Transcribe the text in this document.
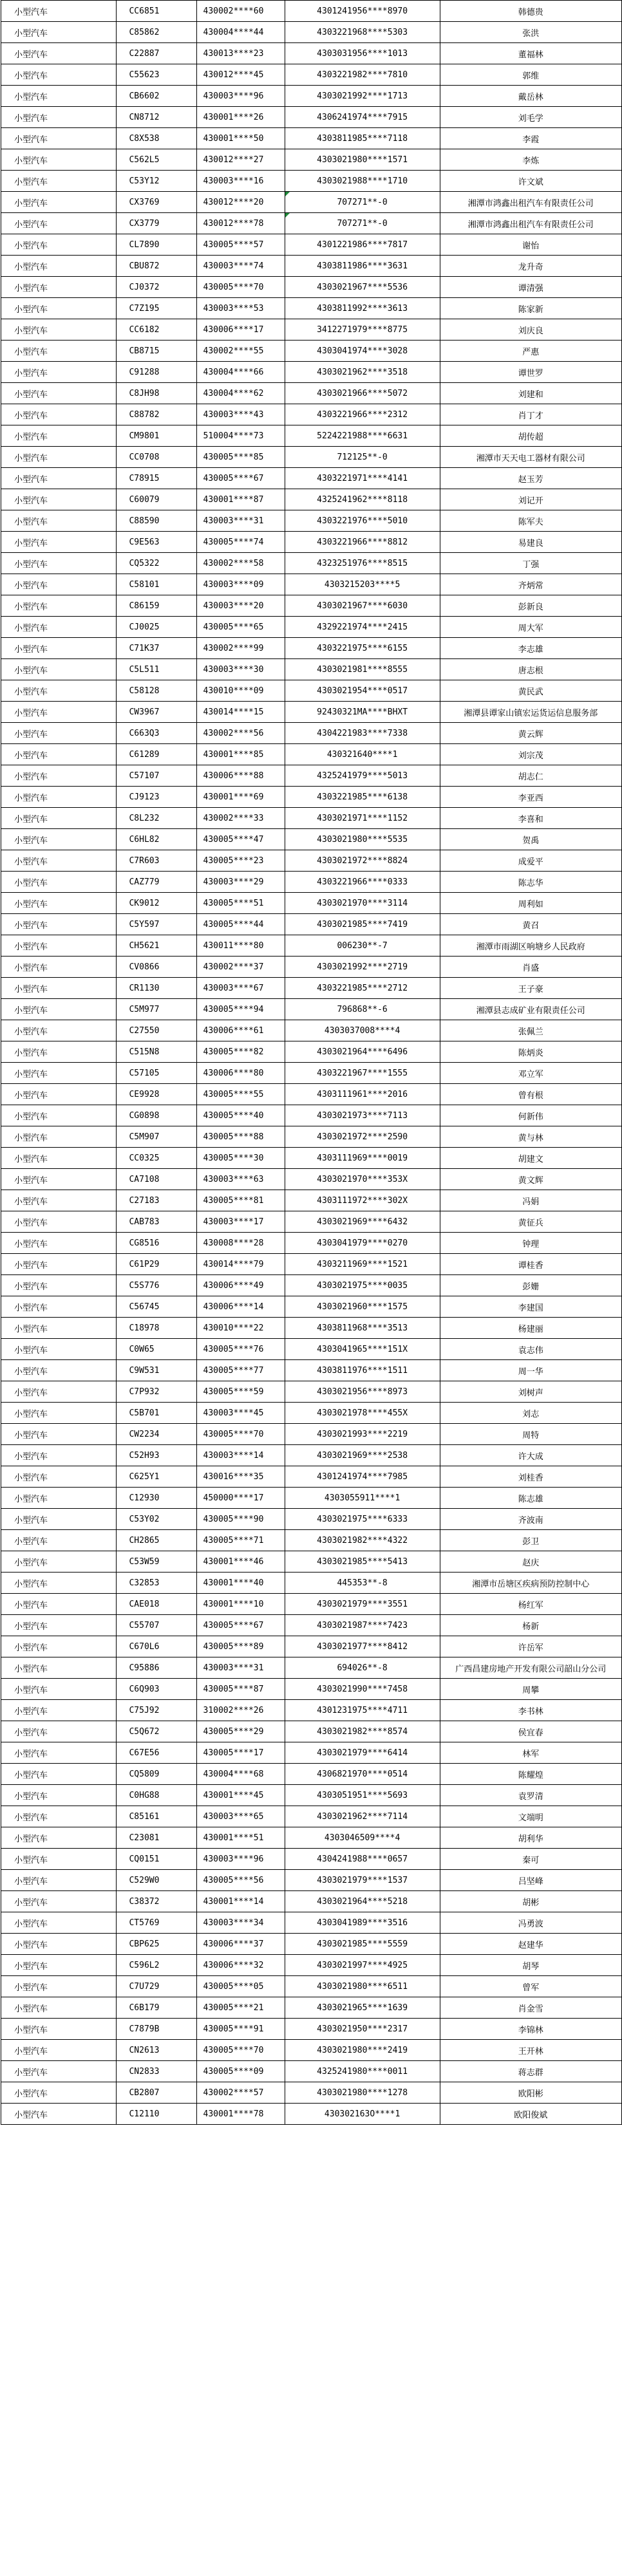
小型汽车	CC6851	430002****60	4301241956****8970	韩德贵
小型汽车	C85862	430004****44	4303221968****5303	张洪
小型汽车	C22887	430013****23	4303031956****1013	董福林
小型汽车	C55623	430012****45	4303221982****7810	郭维
小型汽车	CB6602	430003****96	4303021992****1713	戴岳林
小型汽车	CN8712	430001****26	4306241974****7915	刘毛学
小型汽车	C8X538	430001****50	4303811985****7118	李霞
小型汽车	C562L5	430012****27	4303021980****1571	李炼
小型汽车	C53Y12	430003****16	4303021988****1710	许文斌
小型汽车	CX3769	430012****20	707271**-0	湘潭市鸿鑫出租汽车有限责任公司
小型汽车	CX3779	430012****78	707271**-0	湘潭市鸿鑫出租汽车有限责任公司
小型汽车	CL7890	430005****57	4301221986****7817	谢怡
小型汽车	CBU872	430003****74	4303811986****3631	龙升奇
小型汽车	CJ0372	430005****70	4303021967****5536	谭清强
小型汽车	C7Z195	430003****53	4303811992****3613	陈家新
小型汽车	CC6182	430006****17	3412271979****8775	刘庆良
小型汽车	CB8715	430002****55	4303041974****3028	严惠
小型汽车	C91288	430004****66	4303021962****3518	谭世罗
小型汽车	C8JH98	430004****62	4303021966****5072	刘建和
小型汽车	C88782	430003****43	4303221966****2312	肖丁才
小型汽车	CM9801	510004****73	5224221988****6631	胡传超
小型汽车	CC0708	430005****85	712125**-0	湘潭市天天电工器材有限公司
小型汽车	C78915	430005****67	4303221971****4141	赵玉芳
小型汽车	C60079	430001****87	4325241962****8118	刘记开
小型汽车	C88590	430003****31	4303221976****5010	陈军夫
小型汽车	C9E563	430005****74	4303221966****8812	易建良
小型汽车	CQ5322	430002****58	4323251976****8515	丁强
小型汽车	C58101	430003****09	4303215203****5	齐炳常
小型汽车	C86159	430003****20	4303021967****6030	彭新良
小型汽车	CJ0025	430005****65	4329221974****2415	周大军
小型汽车	C71K37	430002****99	4303221975****6155	李志雄
小型汽车	C5L511	430003****30	4303021981****8555	唐志根
小型汽车	C58128	430010****09	4303021954****0517	黄民武
小型汽车	CW3967	430014****15	92430321MA****BHXT	湘潭县谭家山镇宏运货运信息服务部
小型汽车	C663Q3	430002****56	4304221983****7338	黄云辉
小型汽车	C61289	430001****85	430321640****1	刘宗茂
小型汽车	C57107	430006****88	4325241979****5013	胡志仁
小型汽车	CJ9123	430001****69	4303221985****6138	李亚西
小型汽车	C8L232	430002****33	4303021971****1152	李喜和
小型汽车	C6HL82	430005****47	4303021980****5535	贺禹
小型汽车	C7R603	430005****23	4303021972****8824	成爱平
小型汽车	CAZ779	430003****29	4303221966****0333	陈志华
小型汽车	CK9012	430005****51	4303021970****3114	周利如
小型汽车	C5Y597	430005****44	4303021985****7419	黄召
小型汽车	CH5621	430011****80	006230**-7	湘潭市雨湖区响塘乡人民政府
小型汽车	CV0866	430002****37	4303021992****2719	肖盛
小型汽车	CR1130	430003****67	4303221985****2712	王子豪
小型汽车	C5M977	430005****94	796868**-6	湘潭县志成矿业有限责任公司
小型汽车	C27550	430006****61	4303037008****4	张佩兰
小型汽车	C515N8	430005****82	4303021964****6496	陈炳炎
小型汽车	C57105	430006****80	4303221967****1555	邓立军
小型汽车	CE9928	430005****55	4303111961****2016	曾有根
小型汽车	CG0898	430005****40	4303021973****7113	何新伟
小型汽车	C5M907	430005****88	4303021972****2590	黄与林
小型汽车	CC0325	430005****30	4303111969****0019	胡建文
小型汽车	CA7108	430003****63	4303021970****353X	黄文辉
小型汽车	C27183	430005****81	4303111972****302X	冯娟
小型汽车	CAB783	430003****17	4303021969****6432	黄征兵
小型汽车	CG8516	430008****28	4303041979****0270	钟理
小型汽车	C61P29	430014****79	4303211969****1521	谭桂香
小型汽车	C5S776	430006****49	4303021975****0035	彭姗
小型汽车	C56745	430006****14	4303021960****1575	李建国
小型汽车	C18978	430010****22	4303811968****3513	杨建丽
小型汽车	C0W65	430005****76	4303041965****151X	袁志伟
小型汽车	C9W531	430005****77	4303811976****1511	周一华
小型汽车	C7P932	430005****59	4303021956****8973	刘树声
小型汽车	C5B701	430003****45	4303021978****455X	刘志
小型汽车	CW2234	430005****70	4303021993****2219	周特
小型汽车	C52H93	430003****14	4303021969****2538	许大成
小型汽车	C625Y1	430016****35	4301241974****7985	刘桂香
小型汽车	C12930	450000****17	4303055911****1	陈志雄
小型汽车	C53Y02	430005****90	4303021975****6333	齐波南
小型汽车	CH2865	430005****71	4303021982****4322	彭卫
小型汽车	C53W59	430001****46	4303021985****5413	赵庆
小型汽车	C32853	430001****40	445353**-8	湘潭市岳塘区疾病预防控制中心
小型汽车	CAE018	430001****10	4303021979****3551	杨红军
小型汽车	C55707	430005****67	4303021987****7423	杨新
小型汽车	C670L6	430005****89	4303021977****8412	许岳军
小型汽车	C95886	430003****31	694026**-8	广西昌建房地产开发有限公司韶山分公司
小型汽车	C6Q903	430005****87	4303021990****7458	周攀
小型汽车	C75J92	310002****26	4301231975****4711	李书林
小型汽车	C5Q672	430005****29	4303021982****8574	侯宜春
小型汽车	C67E56	430005****17	4303021979****6414	林军
小型汽车	CQ5809	430004****68	4306821970****0514	陈耀煌
小型汽车	C0HG88	430001****45	4303051951****5693	袁罗清
小型汽车	C85161	430003****65	4303021962****7114	文端明
小型汽车	C23081	430001****51	4303046509****4	胡利华
小型汽车	CQ0151	430003****96	4304241988****0657	秦可
小型汽车	C529W0	430005****56	4303021979****1537	吕坚峰
小型汽车	C38372	430001****14	4303021964****5218	胡彬
小型汽车	CT5769	430003****34	4303041989****3516	冯勇波
小型汽车	CBP625	430006****37	4303021985****5559	赵建华
小型汽车	C596L2	430006****32	4303021997****4925	胡琴
小型汽车	C7U729	430005****05	4303021980****6511	曾军
小型汽车	C6B179	430005****21	4303021965****1639	肖金雪
小型汽车	C7879B	430005****91	4303021950****2317	李锦林
小型汽车	CN2613	430005****70	4303021980****2419	王开林
小型汽车	CN2833	430005****09	4325241980****0011	蒋志群
小型汽车	CB2807	430002****57	4303021980****1278	欧阳彬
小型汽车	C12110	430001****78	430302163O****1	欧阳俊斌
